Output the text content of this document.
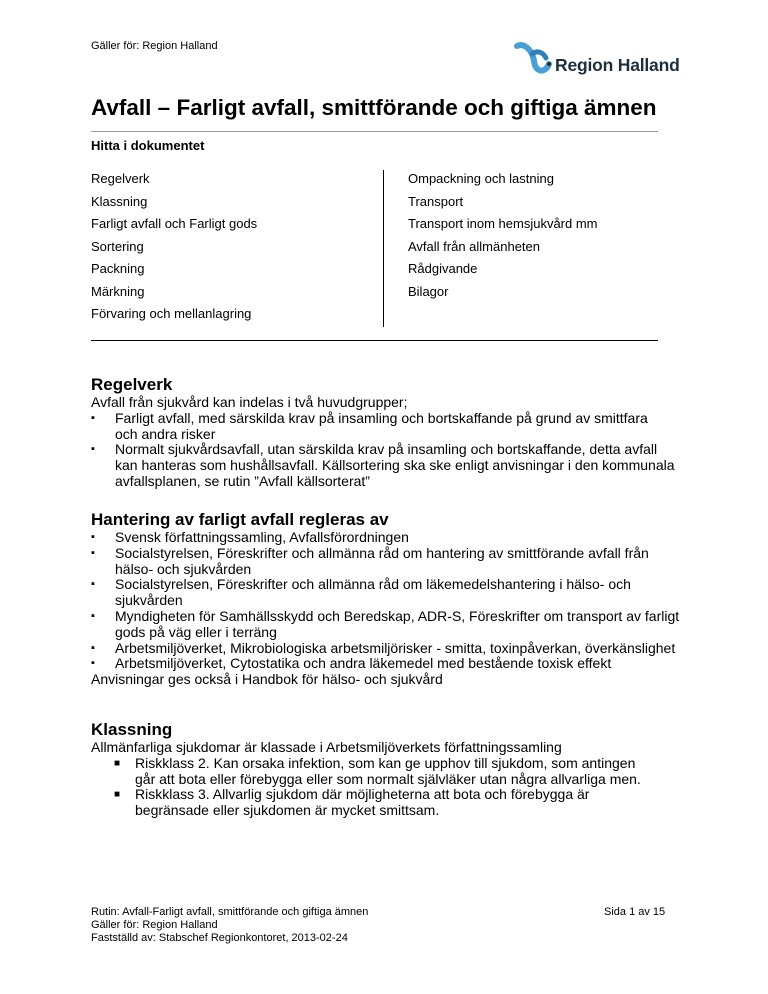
Gäller för: Region Halland
Region Halland
Avfall – Farligt avfall, smittförande och giftiga ämnen
Hitta i dokumentet
Regelverk
Klassning
Farligt avfall och Farligt gods
Sortering
Packning
Märkning
Förvaring och mellanlagring
Ompackning och lastning
Transport
Transport inom hemsjukvård mm
Avfall från allmänheten
Rådgivande
Bilagor
Regelverk
Avfall från sjukvård kan indelas i två huvudgrupper;
▪ Farligt avfall, med särskilda krav på insamling och bortskaffande på grund av smittfara och andra risker
▪ Normalt sjukvårdsavfall, utan särskilda krav på insamling och bortskaffande, detta avfall kan hanteras som hushållsavfall. Källsortering ska ske enligt anvisningar i den kommunala avfallsplanen, se rutin ”Avfall källsorterat”
Hantering av farligt avfall regleras av
▪ Svensk författningssamling, Avfallsförordningen
▪ Socialstyrelsen, Föreskrifter och allmänna råd om hantering av smittförande avfall från hälso- och sjukvården
▪ Socialstyrelsen, Föreskrifter och allmänna råd om läkemedelshantering i hälso- och sjukvården
▪ Myndigheten för Samhällsskydd och Beredskap, ADR-S, Föreskrifter om transport av farligt gods på väg eller i terräng
▪ Arbetsmiljöverket, Mikrobiologiska arbetsmiljörisker - smitta, toxinpåverkan, överkänslighet
▪ Arbetsmiljöverket, Cytostatika och andra läkemedel med bestående toxisk effekt
Anvisningar ges också i Handbok för hälso- och sjukvård
Klassning
Allmänfarliga sjukdomar är klassade i Arbetsmiljöverkets författningssamling
■ Riskklass 2. Kan orsaka infektion, som kan ge upphov till sjukdom, som antingen går att bota eller förebygga eller som normalt självläker utan några allvarliga men.
■ Riskklass 3. Allvarlig sjukdom där möjligheterna att bota och förebygga är begränsade eller sjukdomen är mycket smittsam.
Rutin: Avfall-Farligt avfall, smittförande och giftiga ämnen
Gäller för: Region Halland
Fastställd av: Stabschef Regionkontoret, 2013-02-24
Sida 1 av 15
